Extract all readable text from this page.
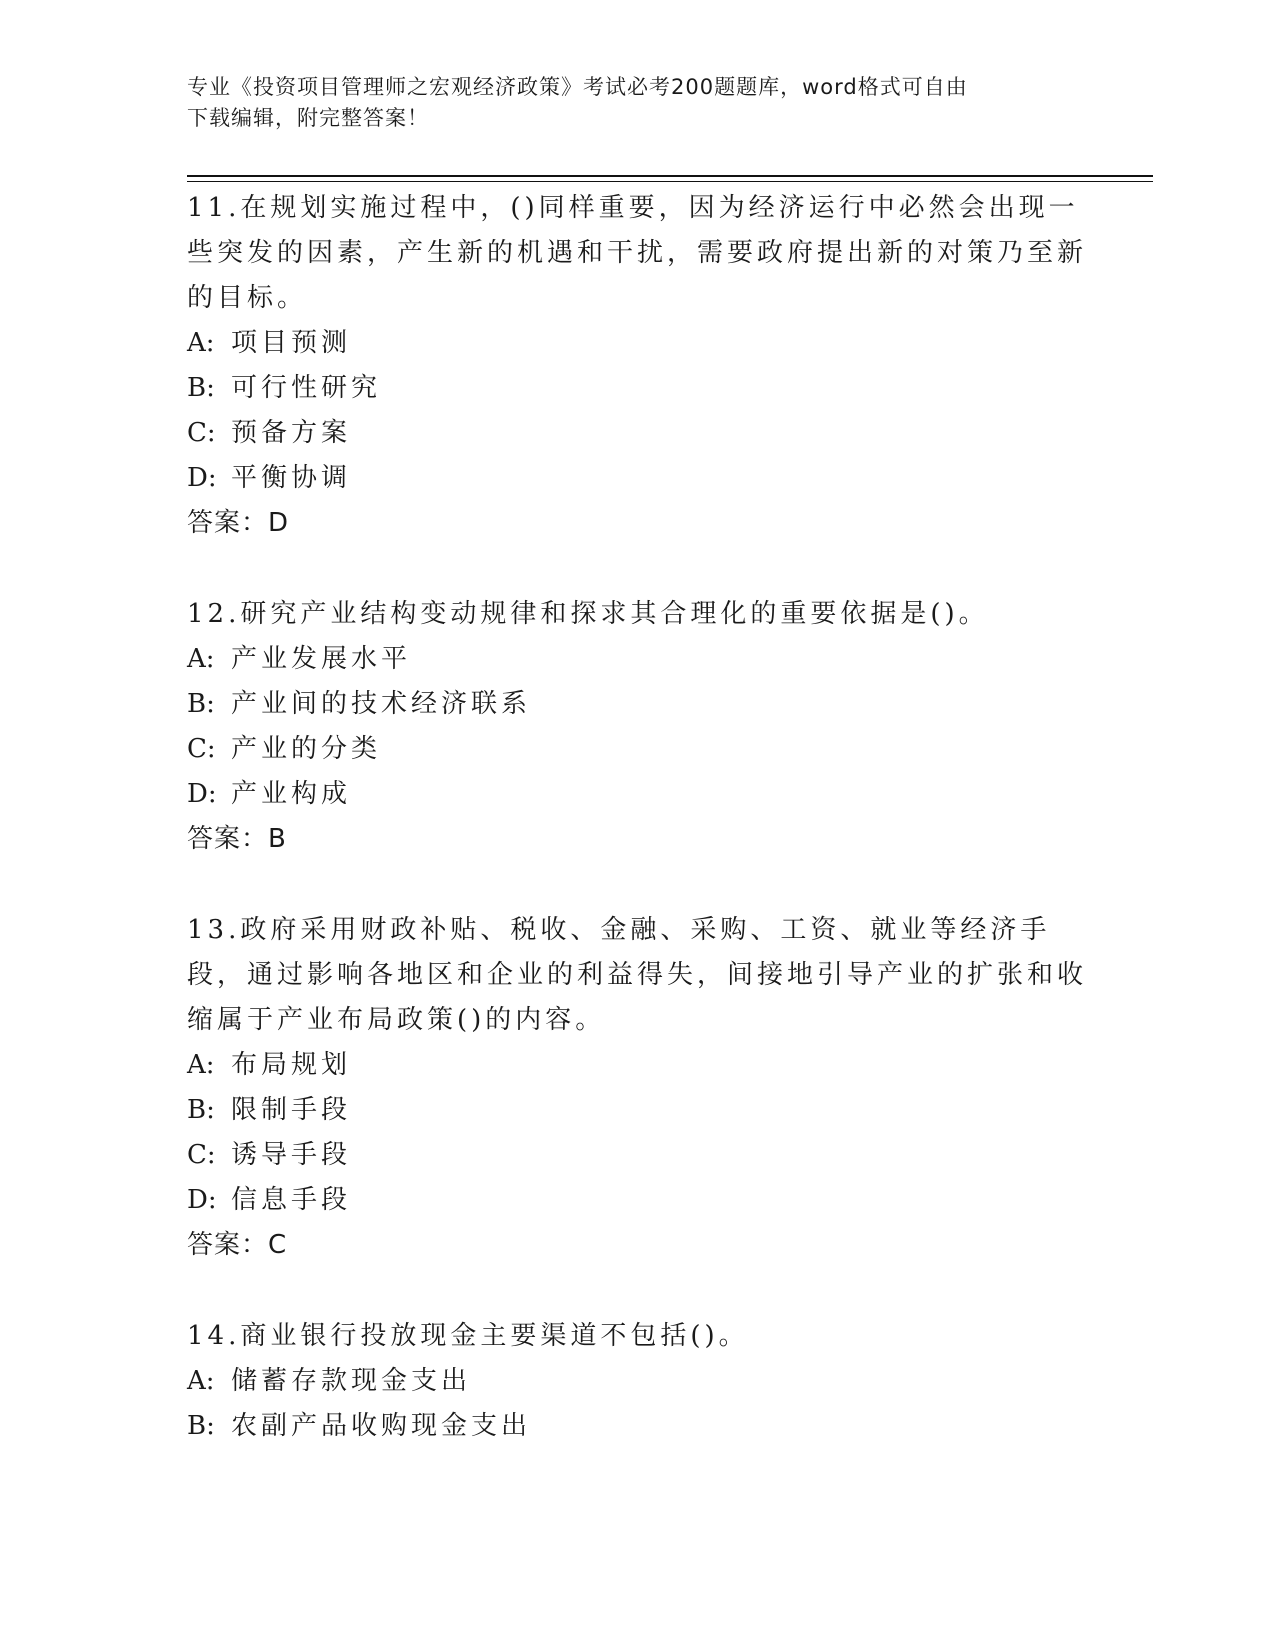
专业《投资项目管理师之宏观经济政策》考试必考200题题库，word格式可自由
下载编辑，附完整答案！

11.在规划实施过程中，()同样重要，因为经济运行中必然会出现一些突发的因素，产生新的机遇和干扰，需要政府提出新的对策乃至新的目标。

A: 项目预测

B: 可行性研究

C: 预备方案

D: 平衡协调

答案：D

12.研究产业结构变动规律和探求其合理化的重要依据是()。

A: 产业发展水平

B: 产业间的技术经济联系

C: 产业的分类

D: 产业构成

答案：B

13.政府采用财政补贴、税收、金融、采购、工资、就业等经济手段，通过影响各地区和企业的利益得失，间接地引导产业的扩张和收缩属于产业布局政策()的内容。

A: 布局规划

B: 限制手段

C: 诱导手段

D: 信息手段

答案：C

14.商业银行投放现金主要渠道不包括()。

A: 储蓄存款现金支出

B: 农副产品收购现金支出
